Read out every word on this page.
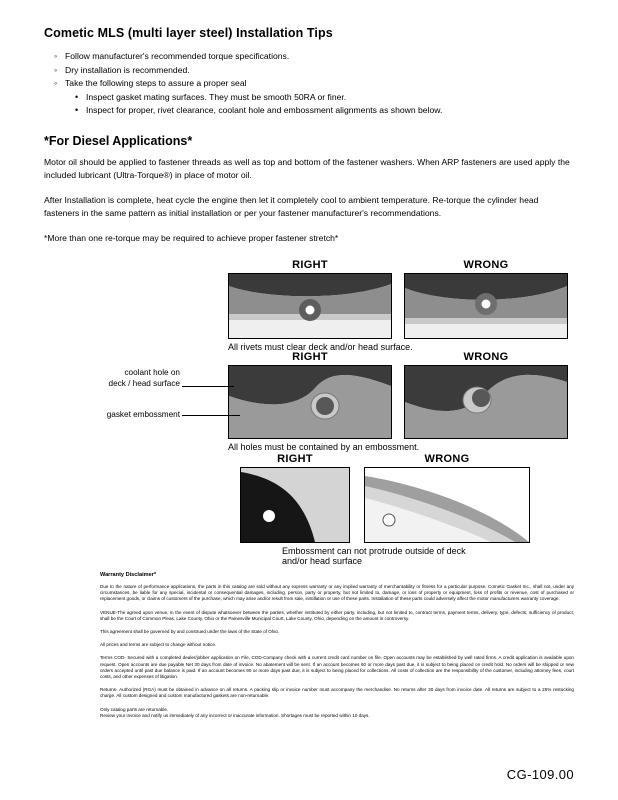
Cometic MLS (multi layer steel) Installation Tips
◦ Follow manufacturer's recommended torque specifications.
◦ Dry installation is recommended.
◦ Take the following steps to assure a proper seal
• Inspect gasket mating surfaces. They must be smooth 50RA or finer.
• Inspect for proper, rivet clearance, coolant hole and embossment alignments as shown below.
*For Diesel Applications*

Motor oil should be applied to fastener threads as well as top and bottom of the fastener washers. When ARP fasteners are used apply the included lubricant (Ultra-Torque®) in place of motor oil.

After Installation is complete, heat cycle the engine then let it completely cool to ambient temperature. Re-torque the cylinder head fasteners in the same pattern as initial installation or per your fastener manufacturer's recommendations.

*More than one re-torque may be required to achieve proper fastener stretch*

RIGHT	WRONG
All rivets must clear deck and/or head surface.
RIGHT	WRONG
All holes must be contained by an embossment.
coolant hole on
deck / head surface
gasket embossment
RIGHT	WRONG
Embossment can not protrude outside of deck
and/or head surface
Warranty Disclaimer*

Due to the nature of performance applications, the parts in this catalog are sold without any express warranty or any implied warranty of merchantability or fitness for a particular purpose. Cometic Gasket Inc., shall not, under any circumstances, be liable for any special, incidental or consequential damages, including, person, party or property, but not limited to, damage, or loss of property or equipment, loss of profits or revenue, cost of purchased or replacement goods, or claims of customers of the purchase, which may arise and/or result from sale, instillation or use of these parts. Installation of these parts could adversely affect the motor manufacturers warranty coverage.

VENUE-The agreed upon venue, in the event of dispute whatsoever between the parties, whether instituted by either party, including, but not limited to, contract terms, payment terms, delivery, type, defects, sufficiency of product, shall be the Court of Common Pleas, Lake County, Ohio or the Painesville Municipal Court, Lake County, Ohio, depending on the amount in controversy.

This agreement shall be governed by and construed under the laws of the State of Ohio.

All prices and terms are subject to change without notice.

Terms COD- Secured with a completed dealer/jobber application on File, COD-Company check with a current credit card number on file. Open accounts may be established by well rated firms. A credit application is available upon request. Open accounts are due payable Net 30 days from date of invoice. No abatement will be sent. If an account becomes 60 or more days past due, it is subject to being placed on credit hold. No orders will be shipped or new orders accepted until past due balance is paid. If an account becomes 90 or more days past due, it is subject to being placed for collections. All costs of collection are the responsibility of the customer, including attorney fees, court costs, and other expenses of litigation.

Returns- Authorized (RGA) must be obtained in advance on all returns. A packing slip or invoice number must accompany the merchandise. No returns after 30 days from invoice date. All returns are subject to a 25% restocking charge. All custom designed and custom manufactured gaskets are non-returnable.

Only catalog parts are returnable.
Review your invoice and notify us immediately of any incorrect or inaccurate information. Shortages must be reported within 10 days.

CG-109.00
